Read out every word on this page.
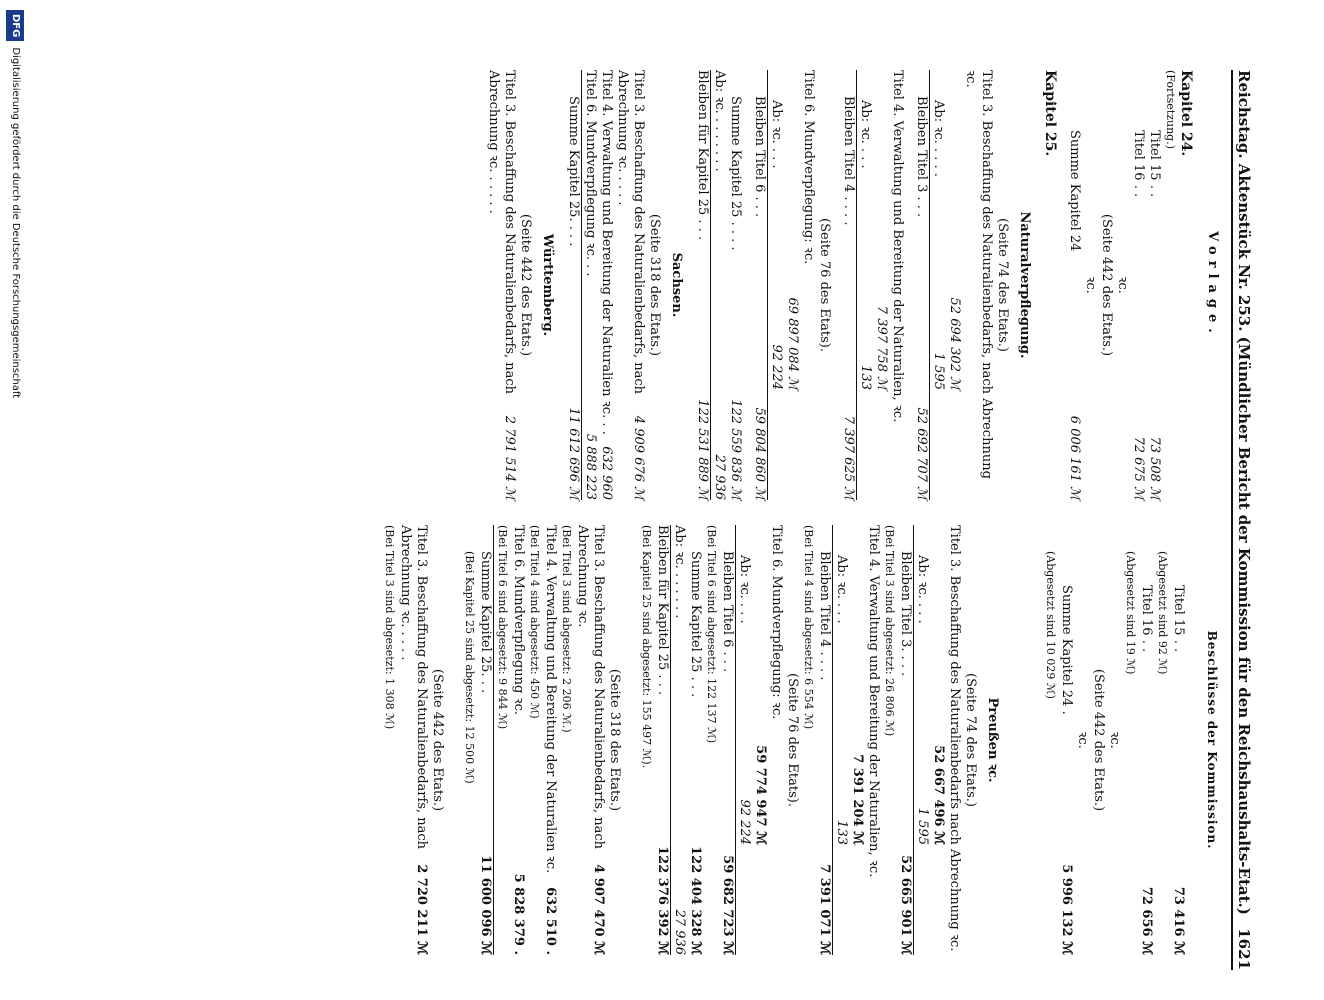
Reichstag. Aktenstück Nr. 253. (Mündlicher Bericht der Kommission für den Reichshaushalts-Etat.)
1621
Vorlage.
Kapitel 24.
(Fortsetzung.)
Titel 15 . .
73 508 ℳ
Titel 16 . .
72 675 ℳ
ꝛc.
(Seite 442 des Etats.)
ꝛc.
Summe Kapitel 24
6 006 161 ℳ
Kapitel 25.
Naturalverpflegung.
(Seite 74 des Etats.)
Titel 3. Beschaffung des Naturalienbedarfs, nach Abrechnung ꝛc.
52 694 302 ℳ
Ab: ꝛc. . . . .
1 595
Bleiben Titel 3 . . .
52 692 707 ℳ
Titel 4. Verwaltung und Bereitung der Naturalien, ꝛc.
7 397 758 ℳ
Ab: ꝛc. . . .
133
Bleiben Titel 4 . . . .
7 397 625 ℳ
(Seite 76 des Etats).
Titel 6. Mundverpflegung: ꝛc.
69 897 084 ℳ
Ab: ꝛc. . . .
92 224
Bleiben Titel 6 . . .
59 804 860 ℳ
Summe Kapitel 25 . . . .
122 559 836 ℳ
Ab: ꝛc. . . . . . . .
27 936
Bleiben für Kapitel 25 . . .
122 531 889 ℳ
Sachsen.
(Seite 318 des Etats.)
Titel 3. Beschaffung des Naturalienbedarfs, nach Abrechnung ꝛc. . . . .
4 909 676 ℳ
Titel 4. Verwaltung und Bereitung der Naturalien ꝛc. . .
632 960
Titel 6. Mundverpflegung ꝛc. . .
5 888 223
Summe Kapitel 25. . . .
11 612 696 ℳ
Württemberg.
(Seite 442 des Etats.)
Titel 3. Beschaffung des Naturalienbedarfs, nach Abrechnung ꝛc. . . . . .
2 791 514 ℳ
Beschlüsse der Kommission.
Titel 15 . .
73 416 ℳ
(Abgesetzt sind 92 ℳ)
Titel 16 . .
72 656 ℳ
(Abgesetzt sind 19 ℳ)
ꝛc.
(Seite 442 des Etats.)
ꝛc.
Summe Kapitel 24 .
5 996 132 ℳ
(Abgesetzt sind 10 029 ℳ)
Preußen ꝛc.
(Seite 74 des Etats.)
Titel 3. Beschaffung des Naturalienbedarfs nach Abrechnung ꝛc.
52 667 496 ℳ
Ab: ꝛc. . . .
1 595
Bleiben Titel 3. . . .
52 665 901 ℳ
(Bei Titel 3 sind abgesetzt: 26 806 ℳ)
Titel 4. Verwaltung und Bereitung der Naturalien, ꝛc.
7 391 204 ℳ
Ab: ꝛc. . . .
133
Bleiben Titel 4 . . . .
7 391 071 ℳ
(Bei Titel 4 sind abgesetzt: 6 554 ℳ)
(Seite 76 des Etats).
Titel 6. Mundverpflegung: ꝛc.
59 774 947 ℳ
Ab: ꝛc. . . .
92 224
Bleiben Titel 6 . . .
59 682 723 ℳ
(Bei Titel 6 sind abgesetzt: 122 137 ℳ)
Summe Kapitel 25 . . .
122 404 328 ℳ
Ab: ꝛc. . . . . . .
27 936
Bleiben für Kapitel 25 . . .
122 376 392 ℳ
(Bei Kapitel 25 sind abgesetzt: 155 497 ℳ).
(Seite 318 des Etats.)
Titel 3. Beschaffung des Naturalienbedarfs, nach Abrechnung ꝛc.
4 907 470 ℳ
(Bei Titel 3 sind abgesetzt: 2 206 ℳ.)
Titel 4. Verwaltung und Bereitung der Naturalien ꝛc.
632 510 .
(Bei Titel 4 sind abgesetzt: 450 ℳ)
Titel 6. Mundverpflegung ꝛc.
5 828 379 .
(Bei Titel 6 sind abgesetzt: 9 844 ℳ)
Summe Kapitel 25. . .
11 600 096 ℳ
(Bei Kapitel 25 sind abgesetzt: 12 500 ℳ)
(Seite 442 des Etats.)
Titel 3. Beschaffung des Naturalienbedarfs, nach Abrechnung ꝛc. . . . .
2 720 211 ℳ
(Bei Titel 3 sind abgesetzt: 1 308 ℳ)
DFG
Digitalisierung gefördert durch die Deutsche Forschungsgemeinschaft
